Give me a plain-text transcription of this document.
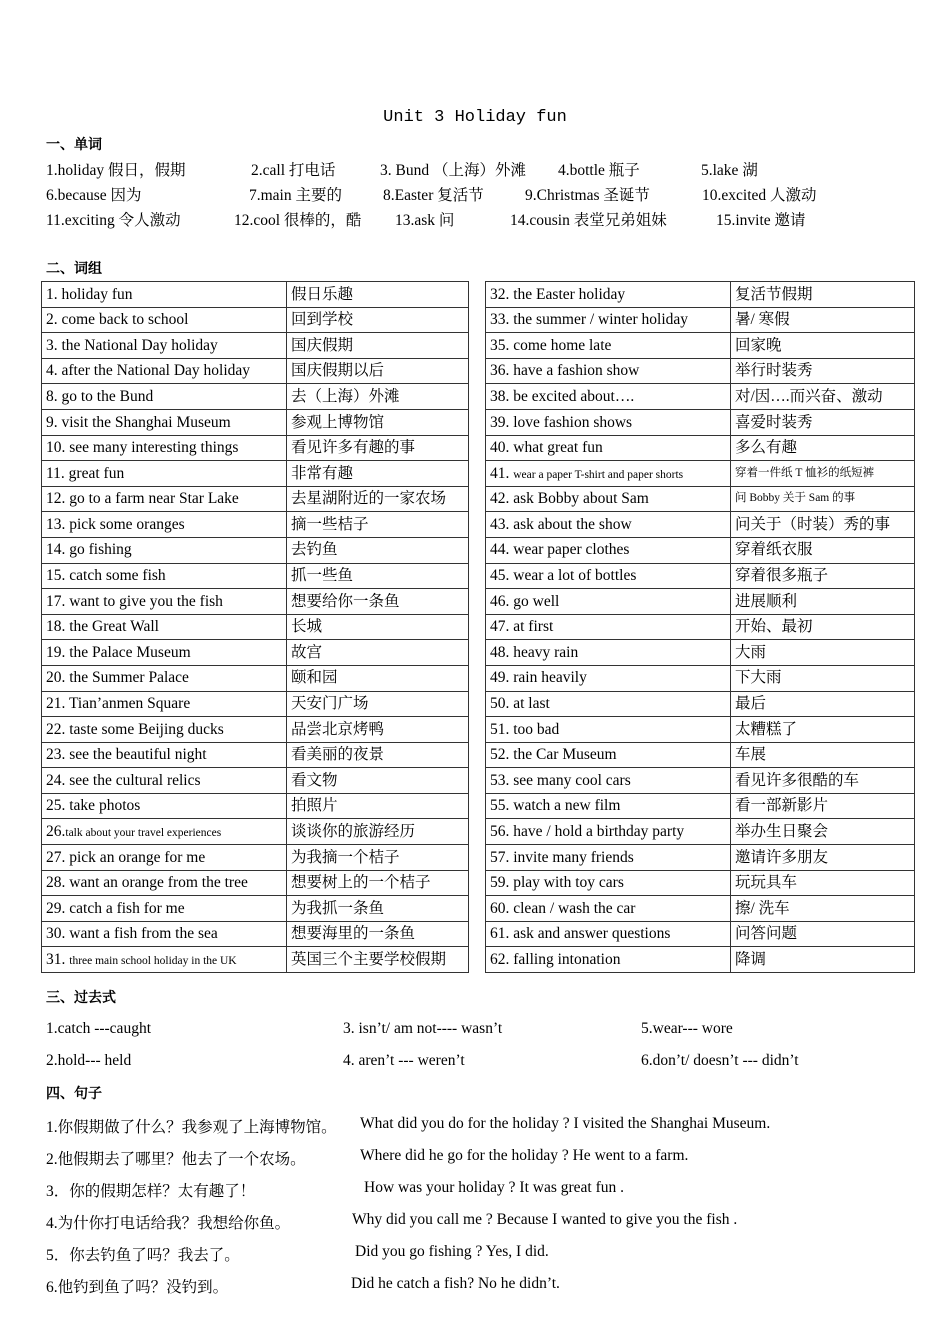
Unit 3 Holiday fun
一、单词
1.holiday 假日，假期	2.call 打电话	3. Bund （上海）外滩 4.bottle 瓶子	5.lake 湖
6.because 因为	7.main 主要的	8.Easter 复活节	9.Christmas 圣诞节	10.excited 人激动
11.exciting 令人激动	12.cool 很棒的，酷 13.ask 问	14.cousin 表堂兄弟姐妹	15.invite 邀请
二、词组
1. holiday fun	假日乐趣
2. come back to school	回到学校
3. the National Day holiday	国庆假期
4. after the National Day holiday	国庆假期以后
8. go to the Bund	去（上海）外滩
9. visit the Shanghai Museum	参观上博物馆
10. see many interesting things	看见许多有趣的事
11. great fun	非常有趣
12. go to a farm near Star Lake	去星湖附近的一家农场
13. pick some oranges	摘一些桔子
14. go fishing	去钓鱼
15. catch some fish	抓一些鱼
17. want to give you the fish	想要给你一条鱼
18. the Great Wall	长城
19. the Palace Museum	故宫
20. the Summer Palace	颐和园
21. Tian’anmen Square	天安门广场
22. taste some Beijing ducks	品尝北京烤鸭
23. see the beautiful night	看美丽的夜景
24. see the cultural relics	看文物
25. take photos	拍照片
26.talk about your travel experiences	谈谈你的旅游经历
27. pick an orange for me	为我摘一个桔子
28. want an orange from the tree	想要树上的一个桔子
29. catch a fish for me	为我抓一条鱼
30. want a fish from the sea	想要海里的一条鱼
31. three main school holiday in the UK	英国三个主要学校假期
32. the Easter holiday	复活节假期
33. the summer / winter holiday	暑/ 寒假
35. come home late	回家晚
36. have a fashion show	举行时装秀
38. be excited about….	对/因….而兴奋、激动
39. love fashion shows	喜爱时装秀
40. what great fun	多么有趣
41. wear a paper T-shirt and paper shorts	穿着一件纸 T 恤衫的纸短裤
42. ask Bobby about Sam	问 Bobby 关于 Sam 的事
43. ask about the show	问关于（时装）秀的事
44. wear paper clothes	穿着纸衣服
45. wear a lot of bottles	穿着很多瓶子
46. go well	进展顺利
47. at first	开始、最初
48. heavy rain	大雨
49. rain heavily	下大雨
50. at last	最后
51. too bad	太糟糕了
52. the Car Museum	车展
53. see many cool cars	看见许多很酷的车
55. watch a new film	看一部新影片
56. have / hold a birthday party	举办生日聚会
57. invite many friends	邀请许多朋友
59. play with toy cars	玩玩具车
60. clean / wash the car	擦/ 洗车
61. ask and answer questions	问答问题
62. falling intonation	降调
三、过去式
1.catch ---caught	3. isn’t/ am not---- wasn’t	5.wear--- wore
2.hold--- held	4. aren’t --- weren’t	6.don’t/ doesn’t --- didn’t
四、句子
1.你假期做了什么？我参观了上海博物馆。 What did you do for the holiday ? I visited the Shanghai Museum.
2.他假期去了哪里？他去了一个农场。	Where did he go for the holiday ? He went to a farm.
3．你的假期怎样？太有趣了！	How was your holiday ? It was great fun .
4.为什你打电话给我？我想给你鱼。	Why did you call me ? Because I wanted to give you the fish .
5．你去钓鱼了吗？我去了。	Did you go fishing ? Yes, I did.
6.他钓到鱼了吗？没钓到。	Did he catch a fish? No he didn’t.
